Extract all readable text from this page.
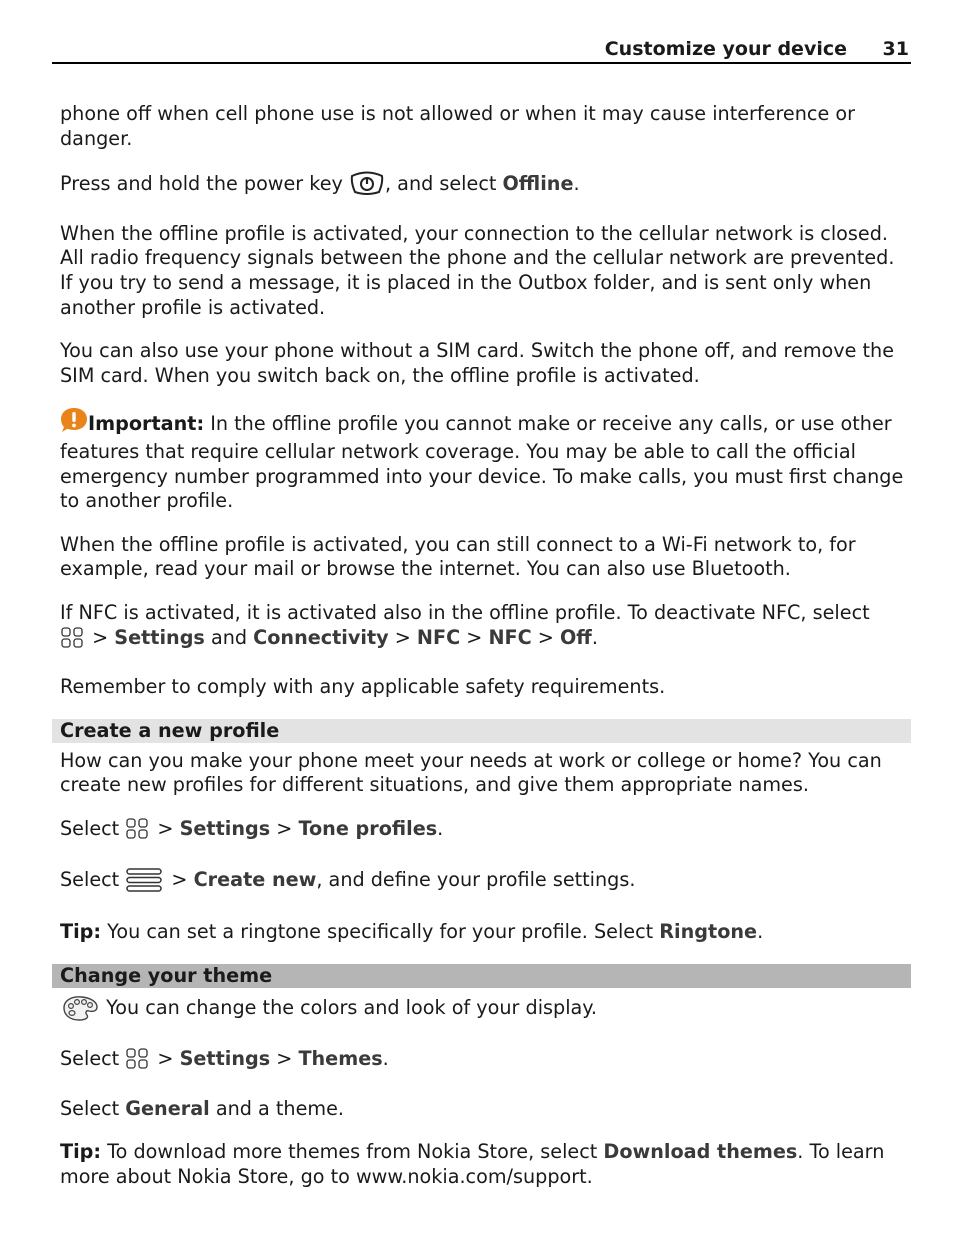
Customize your device 31

phone off when cell phone use is not allowed or when it may cause interference or danger.

Press and hold the power key , and select Offline.

When the offline profile is activated, your connection to the cellular network is closed. All radio frequency signals between the phone and the cellular network are prevented. If you try to send a message, it is placed in the Outbox folder, and is sent only when another profile is activated.

You can also use your phone without a SIM card. Switch the phone off, and remove the SIM card. When you switch back on, the offline profile is activated.

Important: In the offline profile you cannot make or receive any calls, or use other features that require cellular network coverage. You may be able to call the official emergency number programmed into your device. To make calls, you must first change to another profile.

When the offline profile is activated, you can still connect to a Wi-Fi network to, for example, read your mail or browse the internet. You can also use Bluetooth.

If NFC is activated, it is activated also in the offline profile. To deactivate NFC, select
> Settings and Connectivity > NFC > NFC > Off.

Remember to comply with any applicable safety requirements.

Create a new profile

How can you make your phone meet your needs at work or college or home? You can create new profiles for different situations, and give them appropriate names.

Select  > Settings > Tone profiles.

Select  > Create new, and define your profile settings.

Tip: You can set a ringtone specifically for your profile. Select Ringtone.

Change your theme

You can change the colors and look of your display.

Select  > Settings > Themes.

Select General and a theme.

Tip: To download more themes from Nokia Store, select Download themes. To learn more about Nokia Store, go to www.nokia.com/support.
